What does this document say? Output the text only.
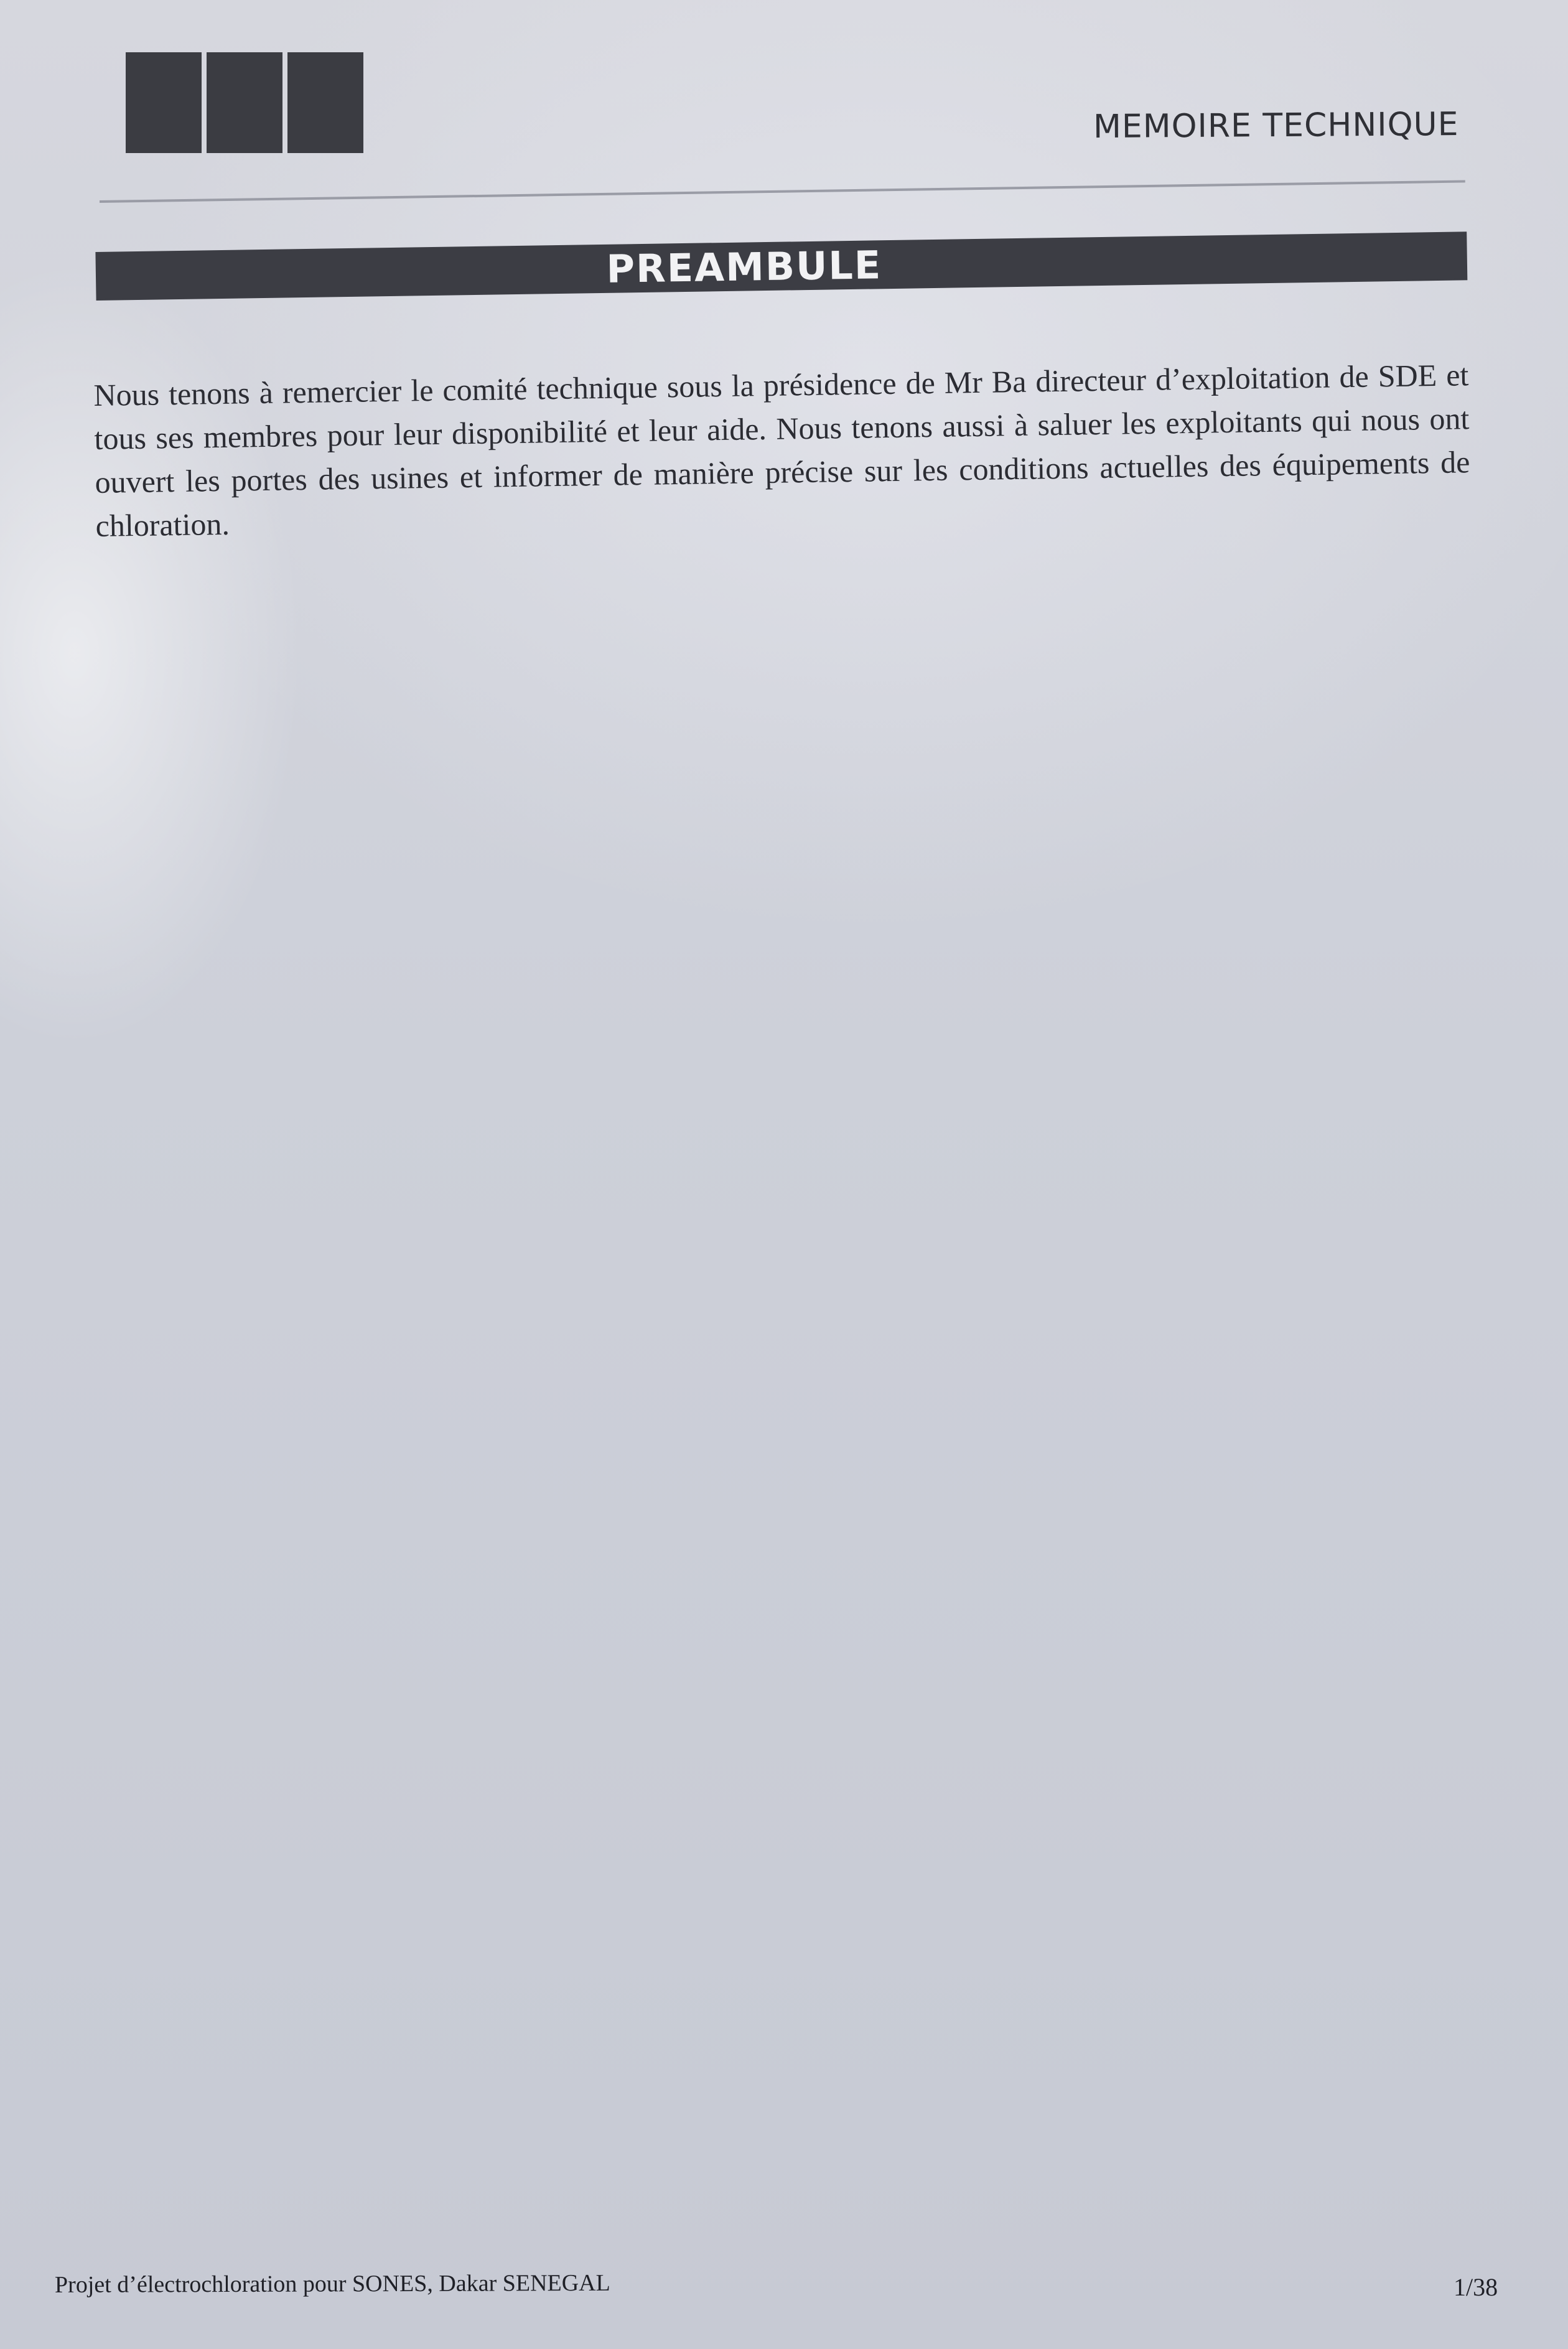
MEMOIRE TECHNIQUE
PREAMBULE
Nous tenons à remercier le comité technique sous la présidence de Mr Ba directeur d’exploitation de SDE et tous ses membres pour leur disponibilité et leur aide. Nous tenons aussi à saluer les exploitants qui nous ont ouvert les portes des usines et informer de manière précise sur les conditions actuelles des équipements de chloration.
Projet d’électrochloration pour SONES, Dakar SENEGAL	1/38
